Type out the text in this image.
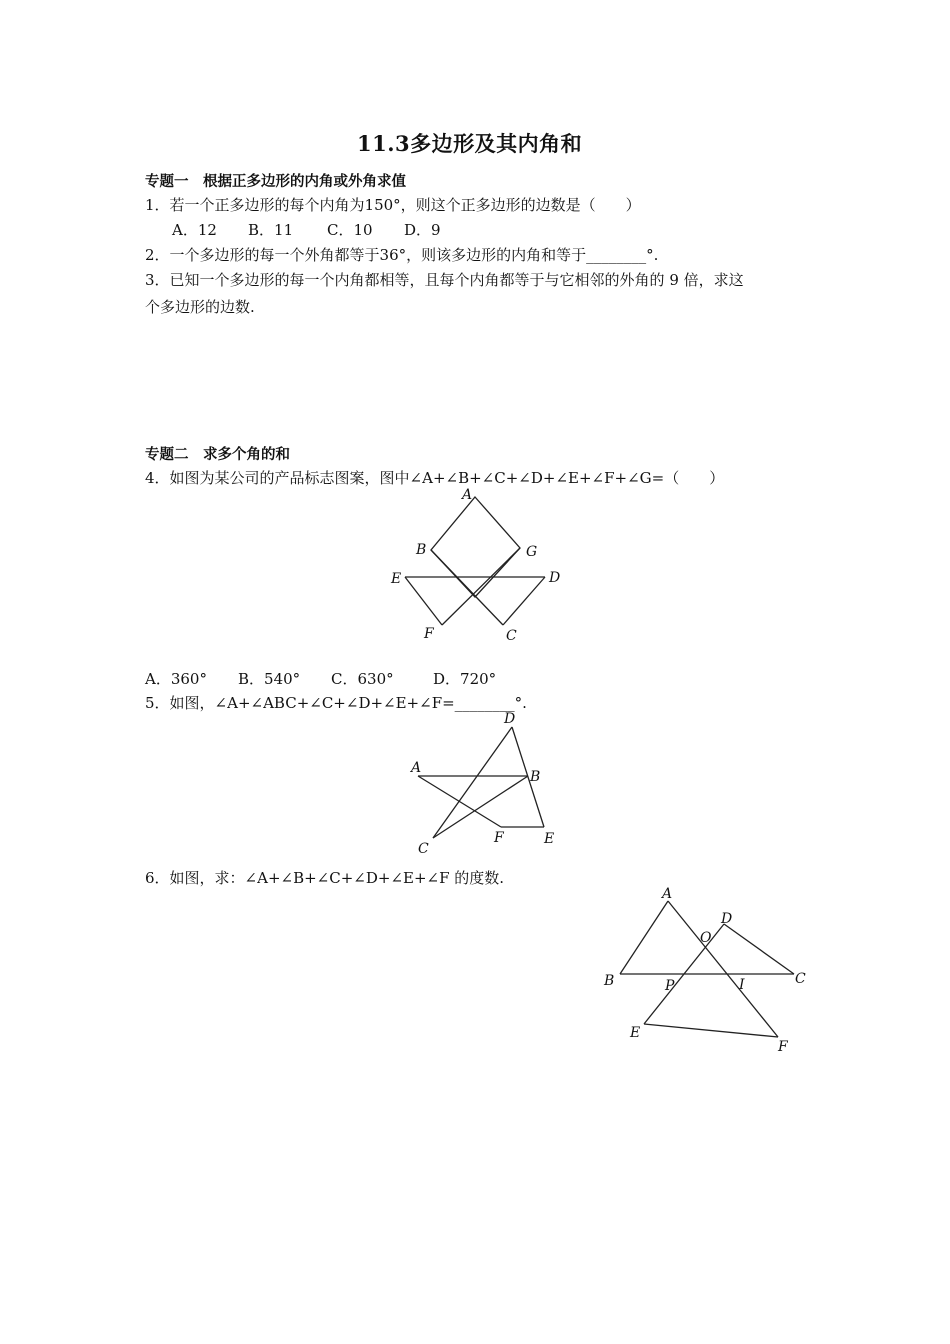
11.3多边形及其内角和
专题一　根据正多边形的内角或外角求值
1．若一个正多边形的每个内角为150°，则这个正多边形的边数是（　　）
A．12 B．11 C．10 D．9
2．一个多边形的每一个外角都等于36°，则该多边形的内角和等于________°.
3．已知一个多边形的每一个内角都相等，且每个内角都等于与它相邻的外角的 9 倍，求这
个多边形的边数.
专题二　求多个角的和
4．如图为某公司的产品标志图案，图中∠A+∠B+∠C+∠D+∠E+∠F+∠G=（　　）
A
B	G
E	D
F	C
A．360° B．540° C．630°	D．720°
5．如图，∠A+∠ABC+∠C+∠D+∠E+∠F=________°.
D
A
B
F	E
C
6．如图，求：∠A+∠B+∠C+∠D+∠E+∠F 的度数.
A
D
O
B	C
P	I
E
F
